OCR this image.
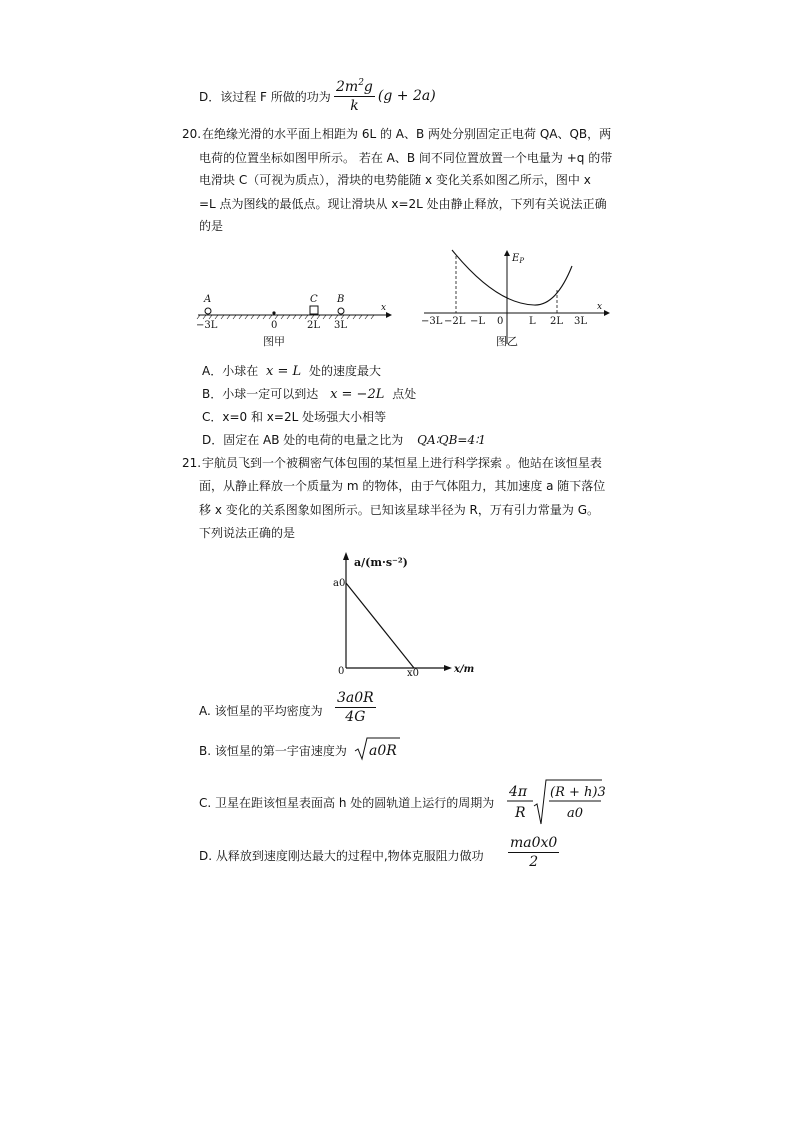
D．该过程 F 所做的功为 $\frac{2m^2g}{k} (g + 2a)$
20. 在绝缘光滑的水平面上相距为 6L 的 A、B 两处分别固定正电荷 QA、QB，两
电荷的位置坐标如图甲所示。 若在 A、B 间不同位置放置一个电量为 +q 的带
电滑块 C（可视为质点），滑块的电势能随 x 变化关系如图乙所示，图中 x
=L 点为图线的最低点。现让滑块从 x=2L 处由静止释放，下列有关说法正确
的是
A	C B
x
−3L	0	2L 3L
图甲
$E_P$
x
−3L −2L −L 0	L 2L 3L
图乙
A．小球在 x = L 处的速度最大
B．小球一定可以到达 x = −2L 点处
C．x=0 和 x=2L 处场强大小相等
D．固定在 AB 处的电荷的电量之比为 QA∶QB=4∶1
21. 宇航员飞到一个被稠密气体包围的某恒星上进行科学探索 。他站在该恒星表
面，从静止释放一个质量为 m 的物体，由于气体阻力，其加速度 a 随下落位
移 x 变化的关系图象如图所示。已知该星球半径为 R，万有引力常量为 G。
下列说法正确的是
a/(m·s⁻²)
a0
0	x0	x/m
A. 该恒星的平均密度为 $\frac{3a0R}{4G}$
B. 该恒星的第一宇宙速度为 a0R
C. 卫星在距该恒星表面高 h 处的圆轨道上运行的周期为
4π
R
(R + h)3
a0
D. 从释放到速度刚达最大的过程中,物体克服阻力做功 $\frac{ma0x0}{2}$
